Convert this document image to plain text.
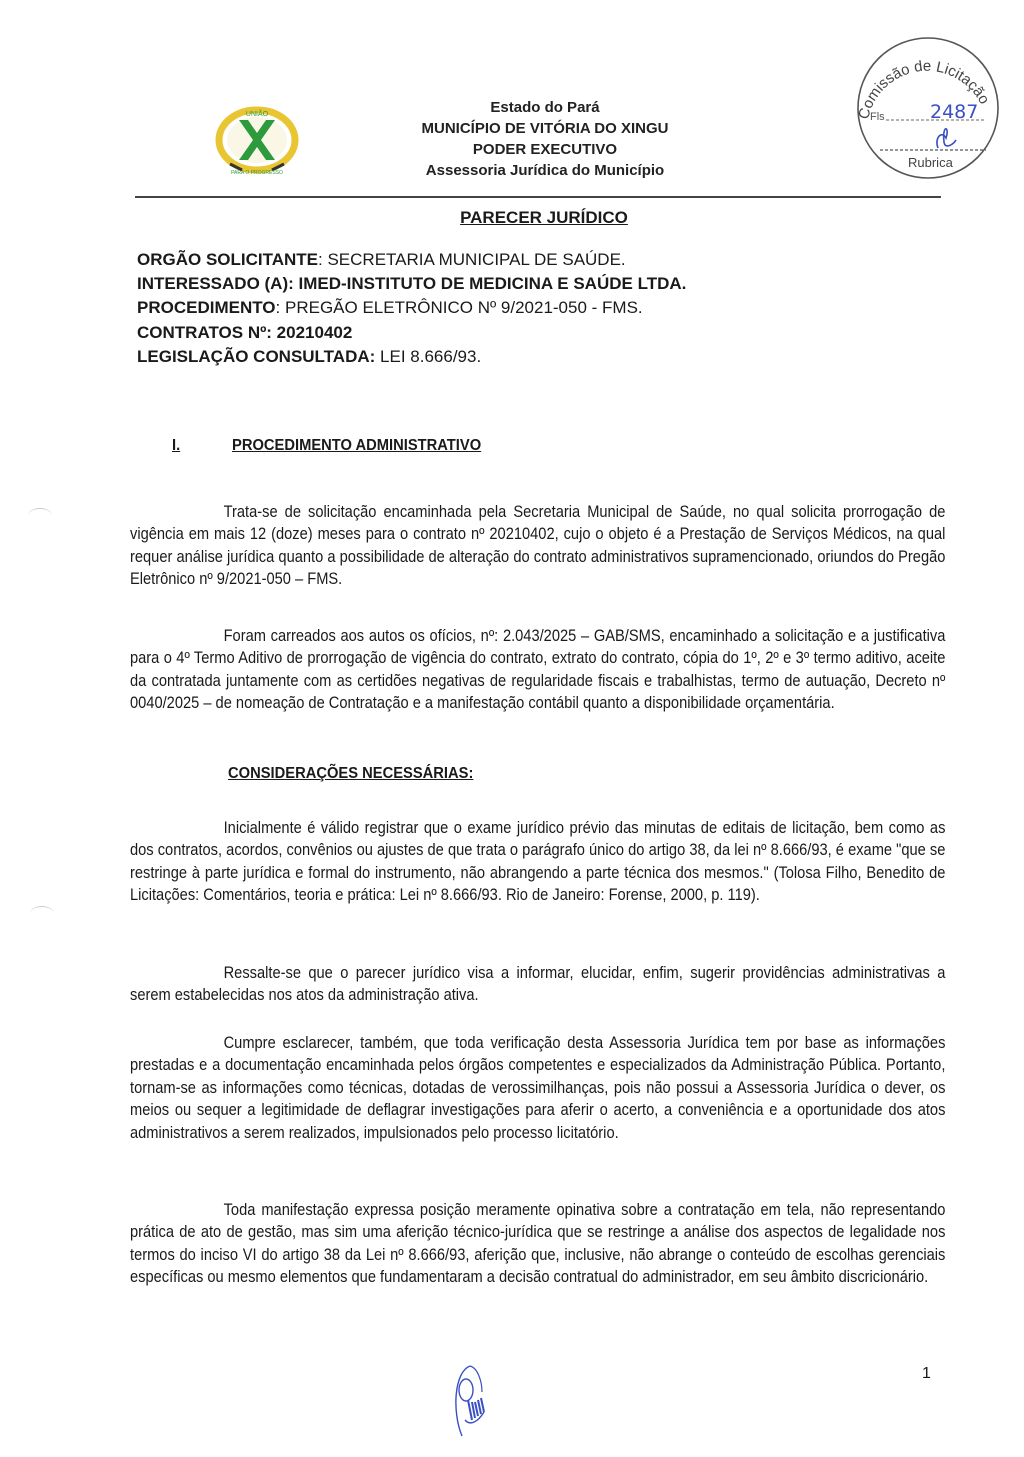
UNIÃO
PARA O PROGRESSO
Estado do Pará
MUNICÍPIO DE VITÓRIA DO XINGU
PODER EXECUTIVO
Assessoria Jurídica do Município
Comissão de Licitação
Fls 2487
Rubrica
PARECER JURÍDICO
ORGÃO SOLICITANTE: SECRETARIA MUNICIPAL DE SAÚDE.
INTERESSADO (A): IMED-INSTITUTO DE MEDICINA E SAÚDE LTDA.
PROCEDIMENTO: PREGÃO ELETRÔNICO Nº 9/2021-050 - FMS.
CONTRATOS Nº: 20210402
LEGISLAÇÃO CONSULTADA: LEI 8.666/93.
I.	PROCEDIMENTO ADMINISTRATIVO
Trata-se de solicitação encaminhada pela Secretaria Municipal de Saúde, no qual solicita prorrogação de vigência em mais 12 (doze) meses para o contrato nº 20210402, cujo o objeto é a Prestação de Serviços Médicos, na qual requer análise jurídica quanto a possibilidade de alteração do contrato administrativos supramencionado, oriundos do Pregão Eletrônico nº 9/2021-050 – FMS.
Foram carreados aos autos os ofícios, nº: 2.043/2025 – GAB/SMS, encaminhado a solicitação e a justificativa para o 4º Termo Aditivo de prorrogação de vigência do contrato, extrato do contrato, cópia do 1º, 2º e 3º termo aditivo, aceite da contratada juntamente com as certidões negativas de regularidade fiscais e trabalhistas, termo de autuação, Decreto nº 0040/2025 – de nomeação de Contratação e a manifestação contábil quanto a disponibilidade orçamentária.
CONSIDERAÇÕES NECESSÁRIAS:
Inicialmente é válido registrar que o exame jurídico prévio das minutas de editais de licitação, bem como as dos contratos, acordos, convênios ou ajustes de que trata o parágrafo único do artigo 38, da lei nº 8.666/93, é exame "que se restringe à parte jurídica e formal do instrumento, não abrangendo a parte técnica dos mesmos." (Tolosa Filho, Benedito de Licitações: Comentários, teoria e prática: Lei nº 8.666/93. Rio de Janeiro: Forense, 2000, p. 119).
Ressalte-se que o parecer jurídico visa a informar, elucidar, enfim, sugerir providências administrativas a serem estabelecidas nos atos da administração ativa.
Cumpre esclarecer, também, que toda verificação desta Assessoria Jurídica tem por base as informações prestadas e a documentação encaminhada pelos órgãos competentes e especializados da Administração Pública. Portanto, tornam-se as informações como técnicas, dotadas de verossimilhanças, pois não possui a Assessoria Jurídica o dever, os meios ou sequer a legitimidade de deflagrar investigações para aferir o acerto, a conveniência e a oportunidade dos atos administrativos a serem realizados, impulsionados pelo processo licitatório.
Toda manifestação expressa posição meramente opinativa sobre a contratação em tela, não representando prática de ato de gestão, mas sim uma aferição técnico-jurídica que se restringe a análise dos aspectos de legalidade nos termos do inciso VI do artigo 38 da Lei nº 8.666/93, aferição que, inclusive, não abrange o conteúdo de escolhas gerenciais específicas ou mesmo elementos que fundamentaram a decisão contratual do administrador, em seu âmbito discricionário.
1
